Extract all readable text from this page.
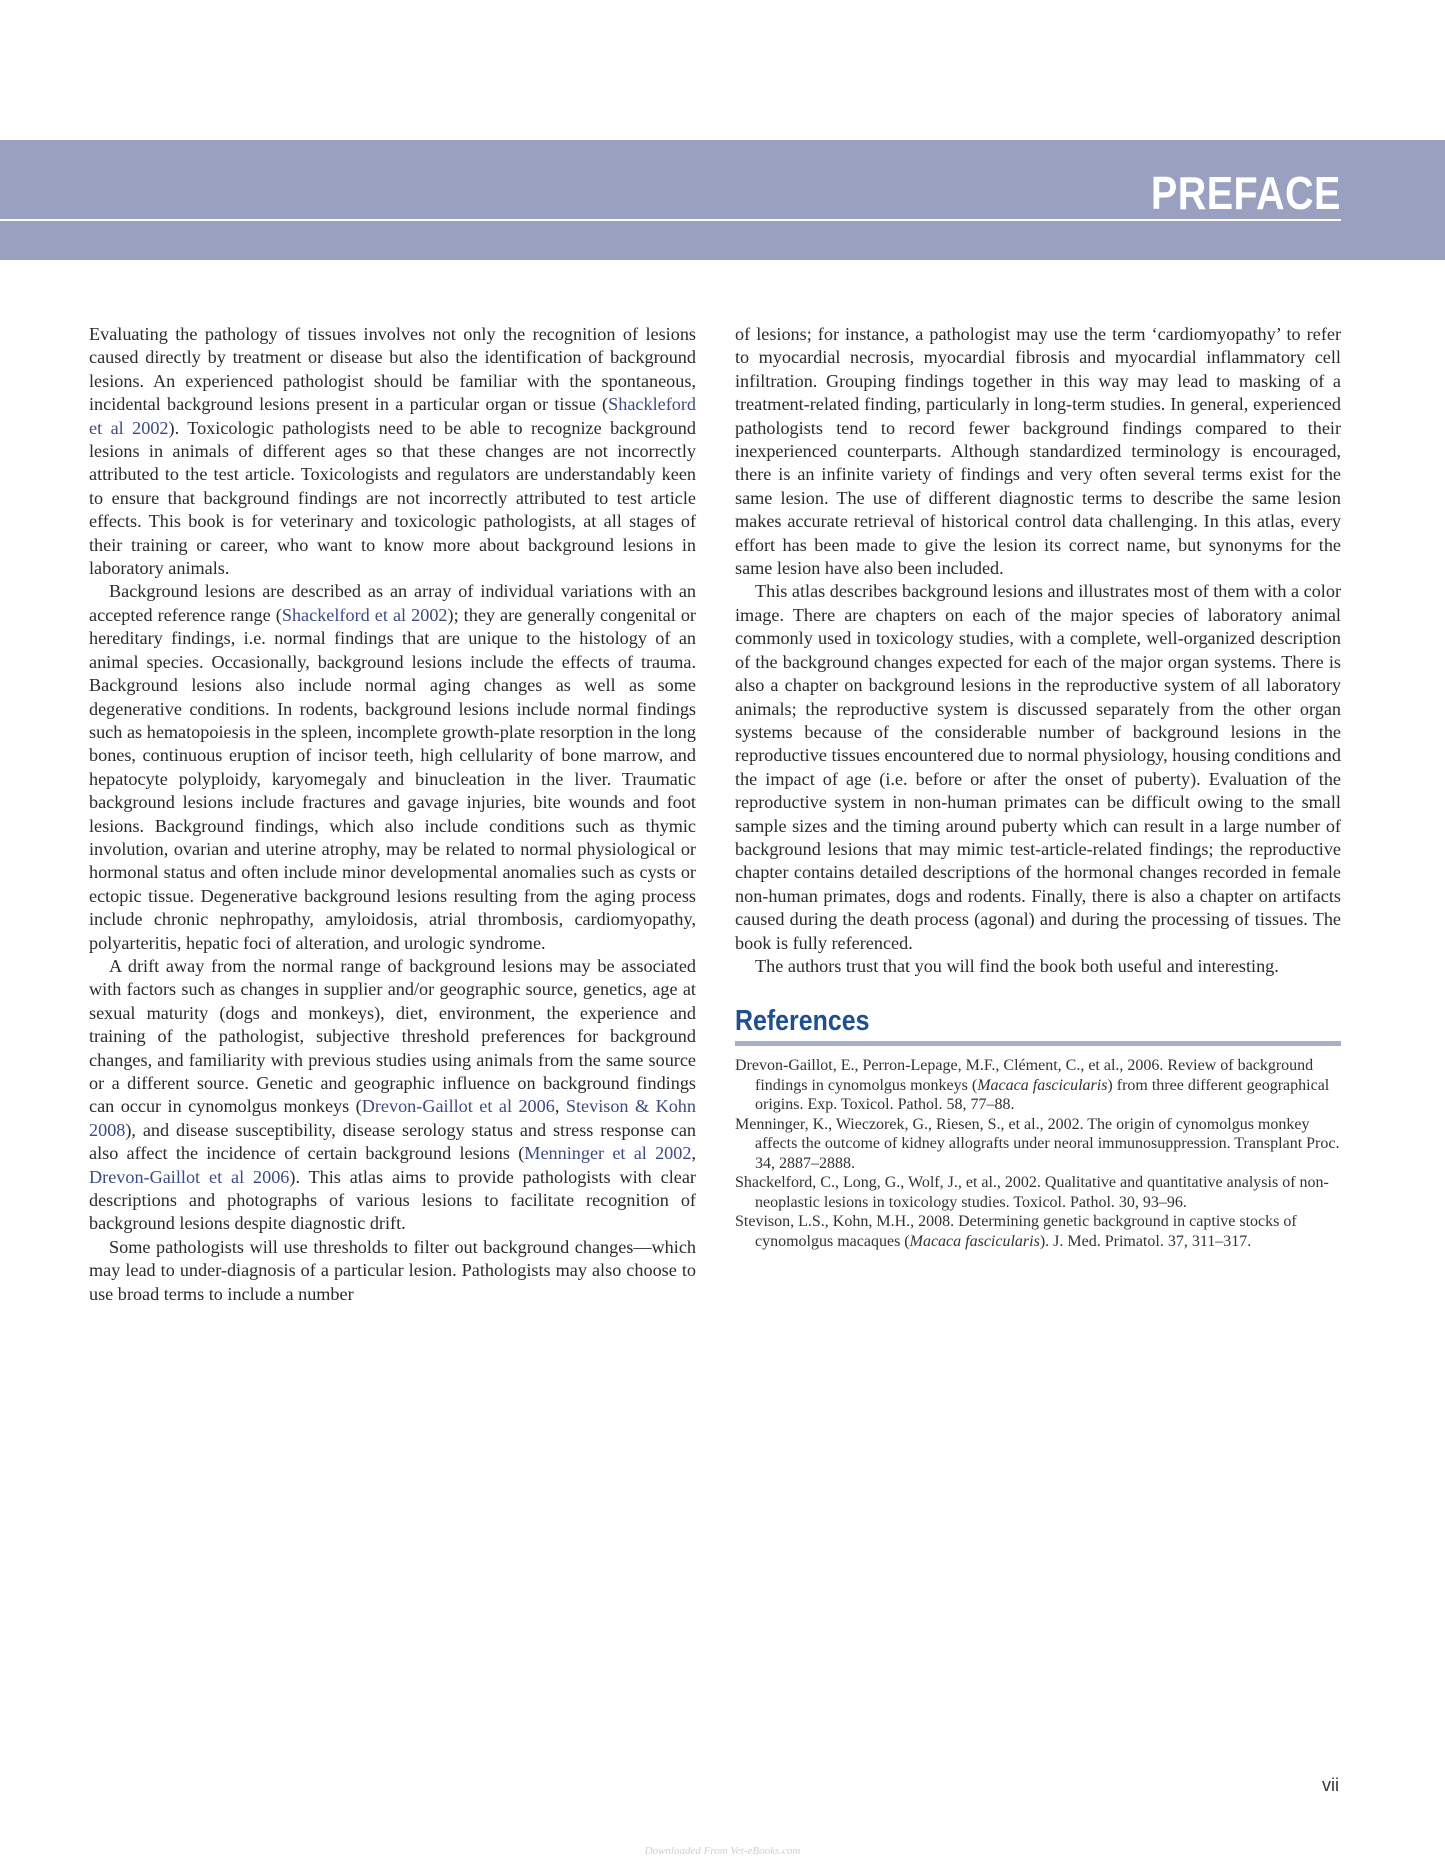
PREFACE

Evaluating the pathology of tissues involves not only the recognition of lesions caused directly by treatment or disease but also the identification of background lesions. An experienced pathologist should be familiar with the spontaneous, incidental background lesions present in a particular organ or tissue (Shackleford et al 2002). Toxicologic pathologists need to be able to recognize background lesions in animals of different ages so that these changes are not incorrectly attributed to the test article. Toxicologists and regulators are understandably keen to ensure that background findings are not incorrectly attributed to test article effects. This book is for veterinary and toxicologic pathologists, at all stages of their training or career, who want to know more about background lesions in laboratory animals.

Background lesions are described as an array of individual variations with an accepted reference range (Shackelford et al 2002); they are generally congenital or hereditary findings, i.e. normal findings that are unique to the histology of an animal species. Occasionally, background lesions include the effects of trauma. Background lesions also include normal aging changes as well as some degenerative conditions. In rodents, background lesions include normal findings such as hematopoiesis in the spleen, incomplete growth-plate resorption in the long bones, continuous eruption of incisor teeth, high cellularity of bone marrow, and hepatocyte polyploidy, karyomegaly and binucleation in the liver. Traumatic background lesions include fractures and gavage injuries, bite wounds and foot lesions. Background findings, which also include conditions such as thymic involution, ovarian and uterine atrophy, may be related to normal physiological or hormonal status and often include minor developmental anomalies such as cysts or ectopic tissue. Degenerative background lesions resulting from the aging process include chronic nephropathy, amyloidosis, atrial thrombosis, cardiomyopathy, polyarteritis, hepatic foci of alteration, and urologic syndrome.

A drift away from the normal range of background lesions may be associated with factors such as changes in supplier and/or geographic source, genetics, age at sexual maturity (dogs and monkeys), diet, environment, the experience and training of the pathologist, subjective threshold preferences for background changes, and familiarity with previous studies using animals from the same source or a different source. Genetic and geographic influence on background findings can occur in cynomolgus monkeys (Drevon-Gaillot et al 2006, Stevison & Kohn 2008), and disease susceptibility, disease serology status and stress response can also affect the incidence of certain background lesions (Menninger et al 2002, Drevon-Gaillot et al 2006). This atlas aims to provide pathologists with clear descriptions and photographs of various lesions to facilitate recognition of background lesions despite diagnostic drift.

Some pathologists will use thresholds to filter out background changes—which may lead to under-diagnosis of a particular lesion. Pathologists may also choose to use broad terms to include a number

of lesions; for instance, a pathologist may use the term ‘cardiomyopathy’ to refer to myocardial necrosis, myocardial fibrosis and myocardial inflammatory cell infiltration. Grouping findings together in this way may lead to masking of a treatment-related finding, particularly in long-term studies. In general, experienced pathologists tend to record fewer background findings compared to their inexperienced counterparts. Although standardized terminology is encouraged, there is an infinite variety of findings and very often several terms exist for the same lesion. The use of different diagnostic terms to describe the same lesion makes accurate retrieval of historical control data challenging. In this atlas, every effort has been made to give the lesion its correct name, but synonyms for the same lesion have also been included.

This atlas describes background lesions and illustrates most of them with a color image. There are chapters on each of the major species of laboratory animal commonly used in toxicology studies, with a complete, well-organized description of the background changes expected for each of the major organ systems. There is also a chapter on background lesions in the reproductive system of all laboratory animals; the reproductive system is discussed separately from the other organ systems because of the considerable number of background lesions in the reproductive tissues encountered due to normal physiology, housing conditions and the impact of age (i.e. before or after the onset of puberty). Evaluation of the reproductive system in non-human primates can be difficult owing to the small sample sizes and the timing around puberty which can result in a large number of background lesions that may mimic test-article-related findings; the reproductive chapter contains detailed descriptions of the hormonal changes recorded in female non-human primates, dogs and rodents. Finally, there is also a chapter on artifacts caused during the death process (agonal) and during the processing of tissues. The book is fully referenced.

The authors trust that you will find the book both useful and interesting.

References

Drevon-Gaillot, E., Perron-Lepage, M.F., Clément, C., et al., 2006. Review of background findings in cynomolgus monkeys (Macaca fascicularis) from three different geographical origins. Exp. Toxicol. Pathol. 58, 77–88.

Menninger, K., Wieczorek, G., Riesen, S., et al., 2002. The origin of cynomolgus monkey affects the outcome of kidney allografts under neoral immunosuppression. Transplant Proc. 34, 2887–2888.

Shackelford, C., Long, G., Wolf, J., et al., 2002. Qualitative and quantitative analysis of non-neoplastic lesions in toxicology studies. Toxicol. Pathol. 30, 93–96.

Stevison, L.S., Kohn, M.H., 2008. Determining genetic background in captive stocks of cynomolgus macaques (Macaca fascicularis). J. Med. Primatol. 37, 311–317.

vii
Downloaded From Vet-eBooks.com
